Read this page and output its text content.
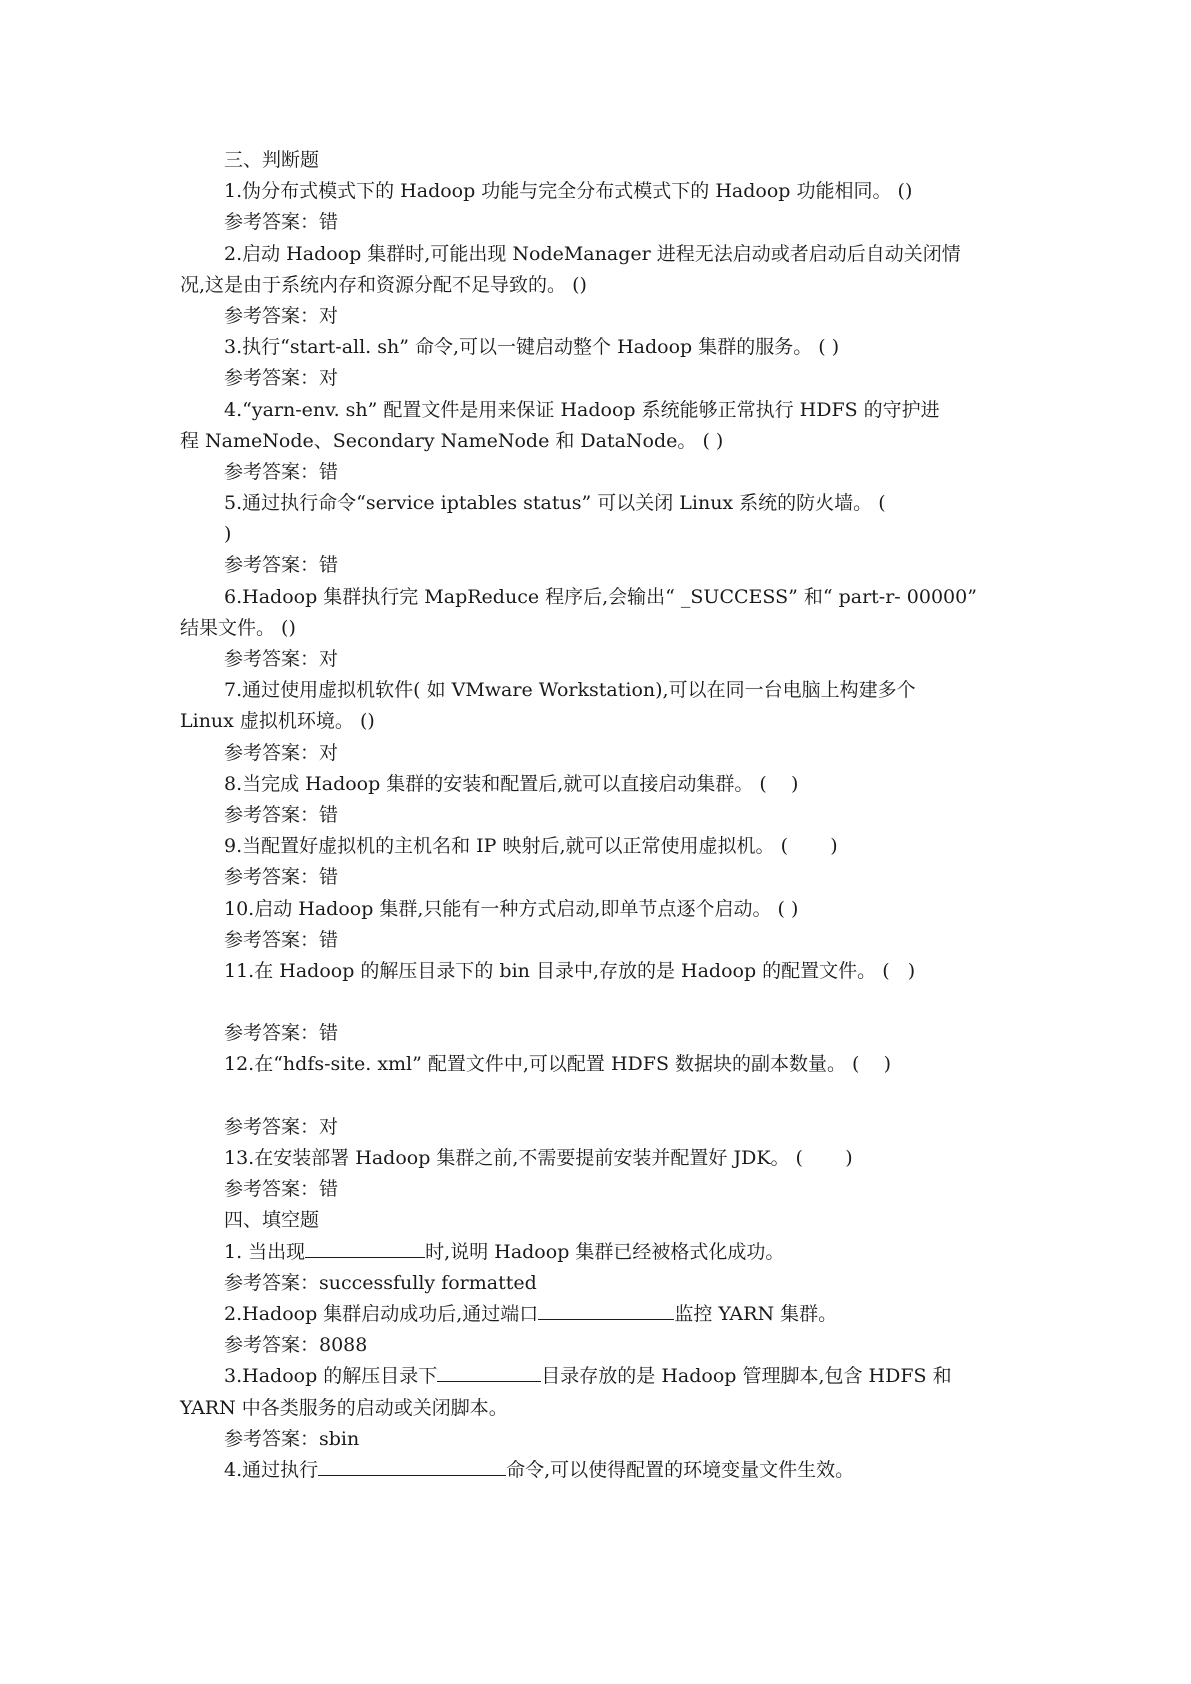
三、判断题
1.伪分布式模式下的 Hadoop 功能与完全分布式模式下的 Hadoop 功能相同。 ()
参考答案：错
2.启动 Hadoop 集群时,可能出现 NodeManager 进程无法启动或者启动后自动关闭情
况,这是由于系统内存和资源分配不足导致的。 ()
参考答案：对
3.执行“start-all. sh” 命令,可以一键启动整个 Hadoop 集群的服务。 ( )
参考答案：对
4.“yarn-env. sh” 配置文件是用来保证 Hadoop 系统能够正常执行 HDFS 的守护进
程 NameNode、Secondary NameNode 和 DataNode。 ( )
参考答案：错
5.通过执行命令“service iptables status” 可以关闭 Linux 系统的防火墙。 (
)
参考答案：错
6.Hadoop 集群执行完 MapReduce 程序后,会输出“ _SUCCESS” 和“ part-r- 00000”
结果文件。 ()
参考答案：对
7.通过使用虚拟机软件( 如 VMware Workstation),可以在同一台电脑上构建多个
Linux 虚拟机环境。 ()
参考答案：对
8.当完成 Hadoop 集群的安装和配置后,就可以直接启动集群。 (    )
参考答案：错
9.当配置好虚拟机的主机名和 IP 映射后,就可以正常使用虚拟机。 (       )
参考答案：错
10.启动 Hadoop 集群,只能有一种方式启动,即单节点逐个启动。 ( )
参考答案：错
11.在 Hadoop 的解压目录下的 bin 目录中,存放的是 Hadoop 的配置文件。 (   )
参考答案：错
12.在“hdfs-site. xml” 配置文件中,可以配置 HDFS 数据块的副本数量。 (    )
参考答案：对
13.在安装部署 Hadoop 集群之前,不需要提前安装并配置好 JDK。 (       )
参考答案：错
四、填空题
1. 当出现	时,说明 Hadoop 集群已经被格式化成功。
参考答案：successfully formatted
2.Hadoop 集群启动成功后,通过端口	监控 YARN 集群。
参考答案：8088
3.Hadoop 的解压目录下	目录存放的是 Hadoop 管理脚本,包含 HDFS 和
YARN 中各类服务的启动或关闭脚本。
参考答案：sbin
4.通过执行	命令,可以使得配置的环境变量文件生效。
